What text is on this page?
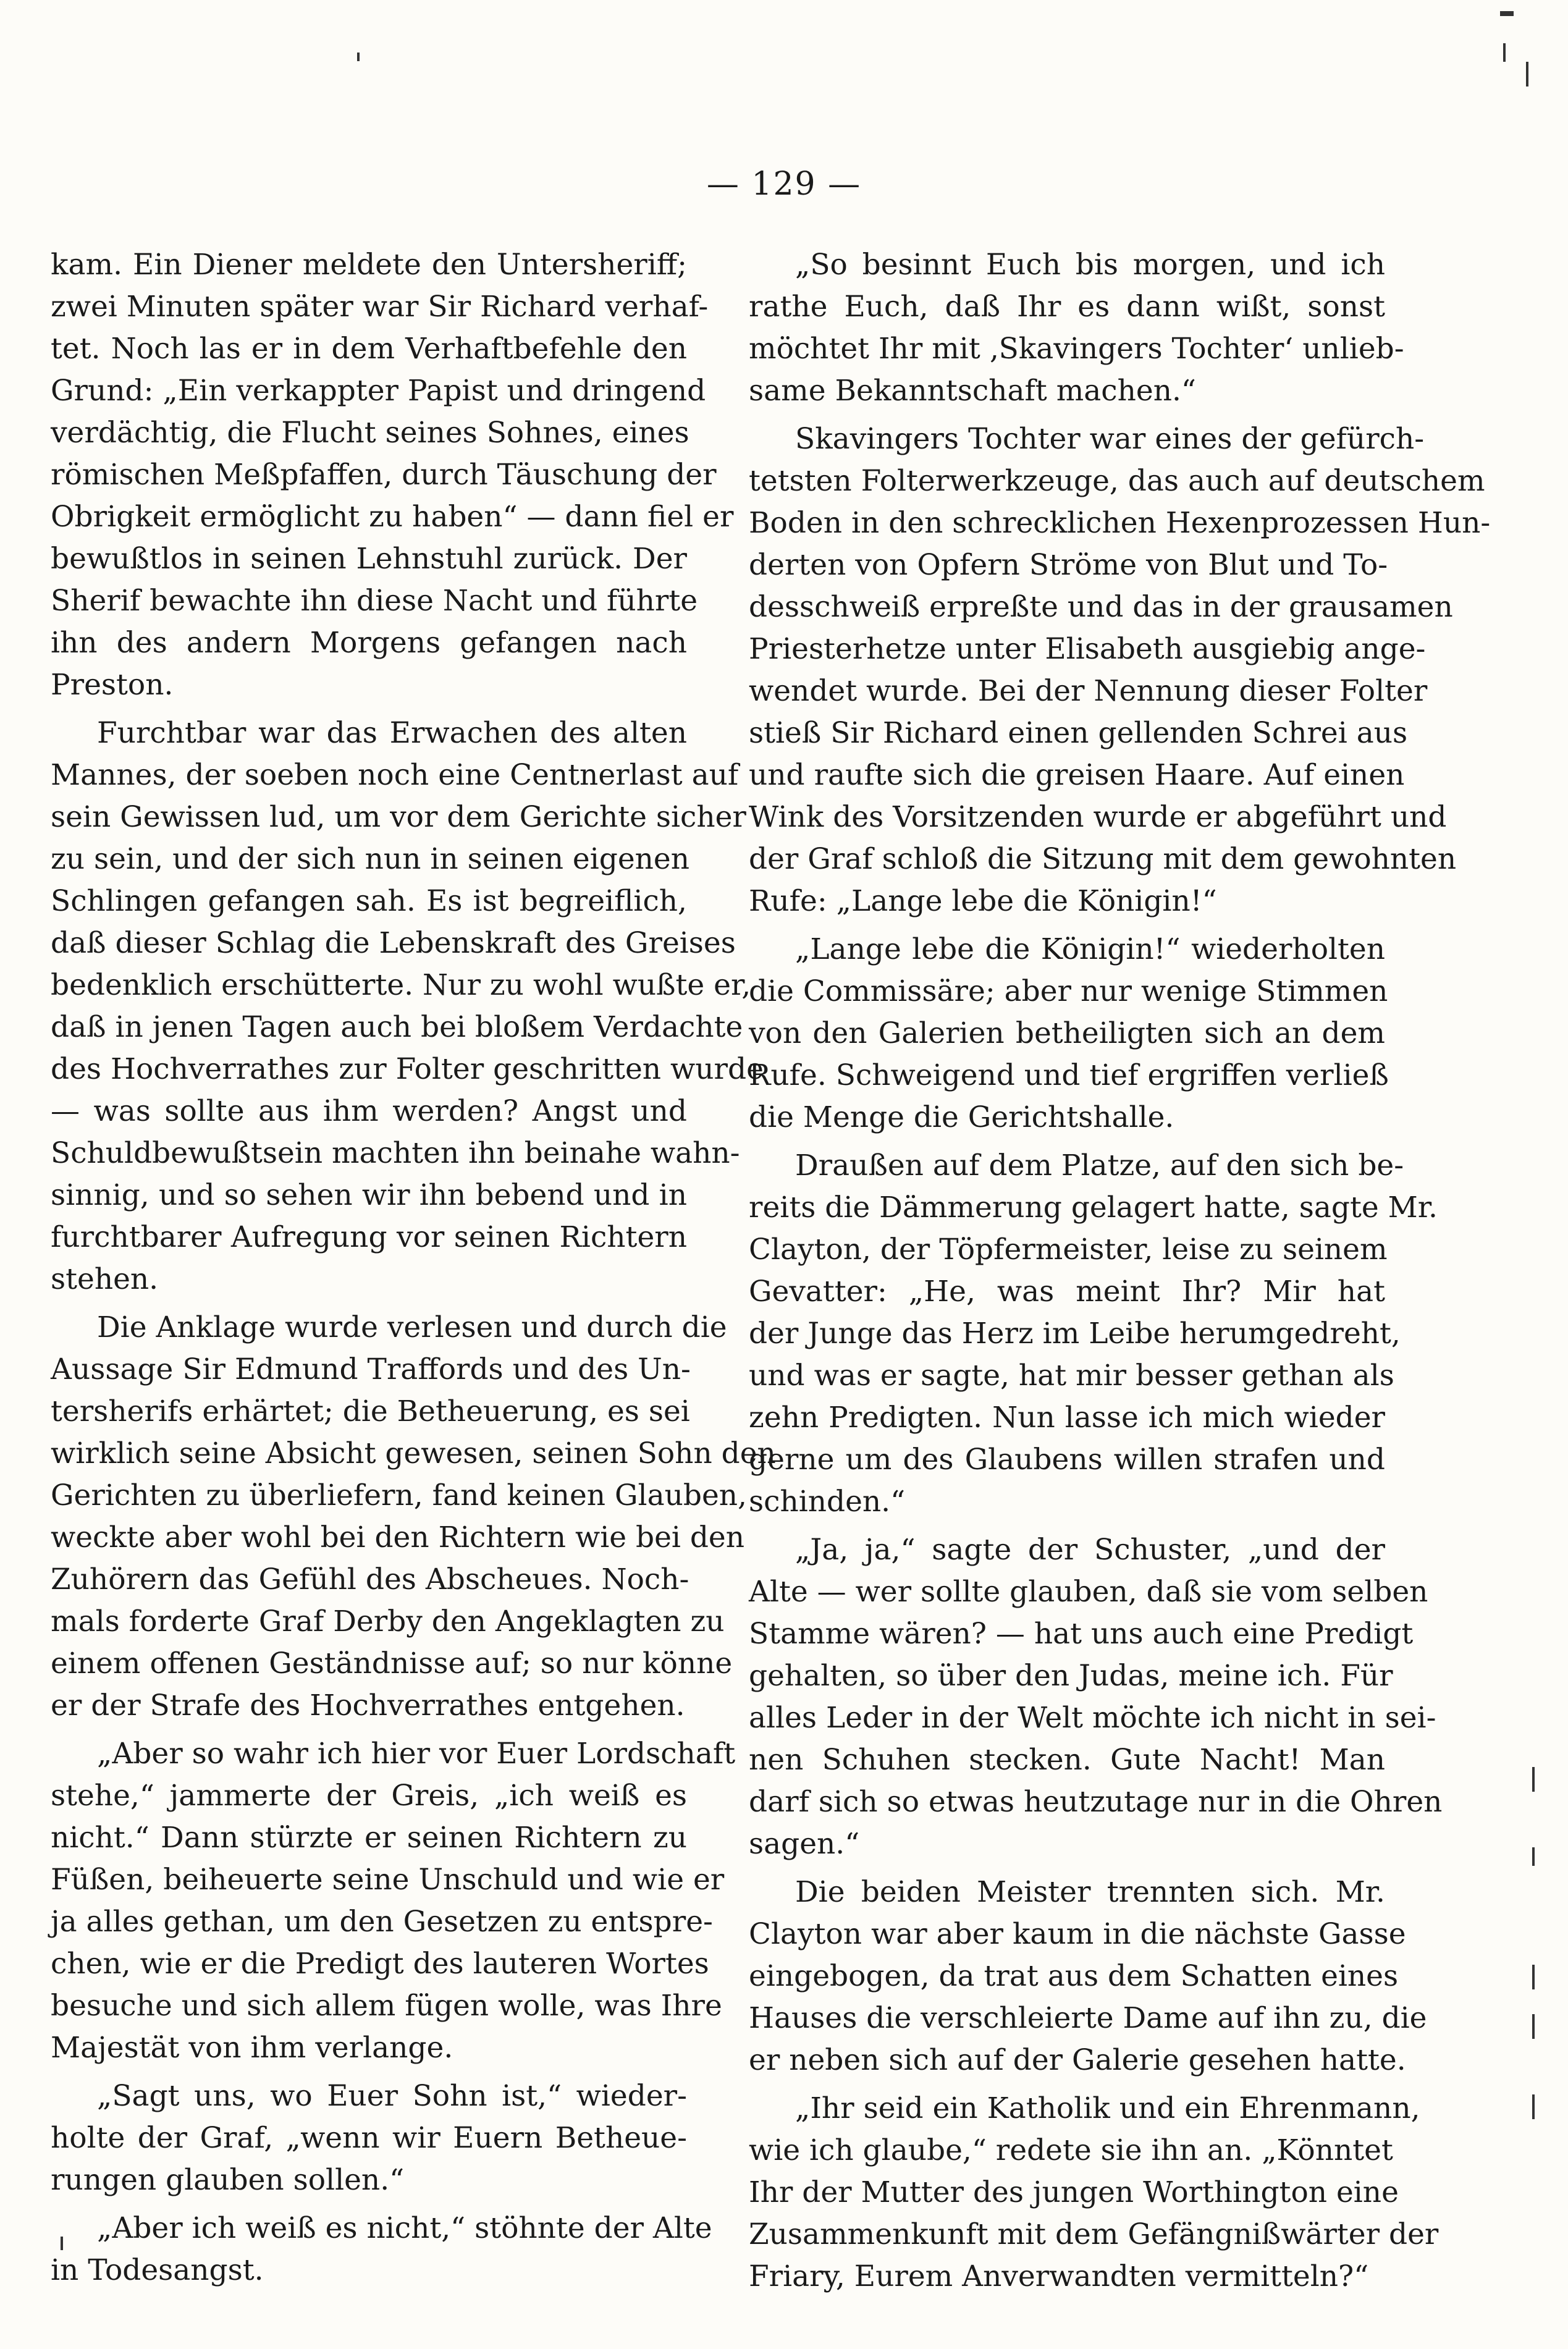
— 129 —
kam. Ein Diener meldete den Untersheriff;
zwei Minuten später war Sir Richard verhaf-
tet. Noch las er in dem Verhaftbefehle den
Grund: „Ein verkappter Papist und dringend
verdächtig, die Flucht seines Sohnes, eines
römischen Meßpfaffen, durch Täuschung der
Obrigkeit ermöglicht zu haben“ — dann fiel er
bewußtlos in seinen Lehnstuhl zurück. Der
Sherif bewachte ihn diese Nacht und führte
ihn des andern Morgens gefangen nach
Preston.
Furchtbar war das Erwachen des alten
Mannes, der soeben noch eine Centnerlast auf
sein Gewissen lud, um vor dem Gerichte sicher
zu sein, und der sich nun in seinen eigenen
Schlingen gefangen sah. Es ist begreiflich,
daß dieser Schlag die Lebenskraft des Greises
bedenklich erschütterte. Nur zu wohl wußte er,
daß in jenen Tagen auch bei bloßem Verdachte
des Hochverrathes zur Folter geschritten wurde
— was sollte aus ihm werden? Angst und
Schuldbewußtsein machten ihn beinahe wahn-
sinnig, und so sehen wir ihn bebend und in
furchtbarer Aufregung vor seinen Richtern
stehen.
Die Anklage wurde verlesen und durch die
Aussage Sir Edmund Traffords und des Un-
tersherifs erhärtet; die Betheuerung, es sei
wirklich seine Absicht gewesen, seinen Sohn den
Gerichten zu überliefern, fand keinen Glauben,
weckte aber wohl bei den Richtern wie bei den
Zuhörern das Gefühl des Abscheues. Noch-
mals forderte Graf Derby den Angeklagten zu
einem offenen Geständnisse auf; so nur könne
er der Strafe des Hochverrathes entgehen.
„Aber so wahr ich hier vor Euer Lordschaft
stehe,“ jammerte der Greis, „ich weiß es
nicht.“ Dann stürzte er seinen Richtern zu
Füßen, beiheuerte seine Unschuld und wie er
ja alles gethan, um den Gesetzen zu entspre-
chen, wie er die Predigt des lauteren Wortes
besuche und sich allem fügen wolle, was Ihre
Majestät von ihm verlange.
„Sagt uns, wo Euer Sohn ist,“ wieder-
holte der Graf, „wenn wir Euern Betheue-
rungen glauben sollen.“
„Aber ich weiß es nicht,“ stöhnte der Alte
in Todesangst.
„So besinnt Euch bis morgen, und ich
rathe Euch, daß Ihr es dann wißt, sonst
möchtet Ihr mit ‚Skavingers Tochter‘ unlieb-
same Bekanntschaft machen.“
Skavingers Tochter war eines der gefürch-
tetsten Folterwerkzeuge, das auch auf deutschem
Boden in den schrecklichen Hexenprozessen Hun-
derten von Opfern Ströme von Blut und To-
desschweiß erpreßte und das in der grausamen
Priesterhetze unter Elisabeth ausgiebig ange-
wendet wurde. Bei der Nennung dieser Folter
stieß Sir Richard einen gellenden Schrei aus
und raufte sich die greisen Haare. Auf einen
Wink des Vorsitzenden wurde er abgeführt und
der Graf schloß die Sitzung mit dem gewohnten
Rufe: „Lange lebe die Königin!“
„Lange lebe die Königin!“ wiederholten
die Commissäre; aber nur wenige Stimmen
von den Galerien betheiligten sich an dem
Rufe. Schweigend und tief ergriffen verließ
die Menge die Gerichtshalle.
Draußen auf dem Platze, auf den sich be-
reits die Dämmerung gelagert hatte, sagte Mr.
Clayton, der Töpfermeister, leise zu seinem
Gevatter: „He, was meint Ihr? Mir hat
der Junge das Herz im Leibe herumgedreht,
und was er sagte, hat mir besser gethan als
zehn Predigten. Nun lasse ich mich wieder
gerne um des Glaubens willen strafen und
schinden.“
„Ja, ja,“ sagte der Schuster, „und der
Alte — wer sollte glauben, daß sie vom selben
Stamme wären? — hat uns auch eine Predigt
gehalten, so über den Judas, meine ich. Für
alles Leder in der Welt möchte ich nicht in sei-
nen Schuhen stecken. Gute Nacht! Man
darf sich so etwas heutzutage nur in die Ohren
sagen.“
Die beiden Meister trennten sich. Mr.
Clayton war aber kaum in die nächste Gasse
eingebogen, da trat aus dem Schatten eines
Hauses die verschleierte Dame auf ihn zu, die
er neben sich auf der Galerie gesehen hatte.
„Ihr seid ein Katholik und ein Ehrenmann,
wie ich glaube,“ redete sie ihn an. „Könntet
Ihr der Mutter des jungen Worthington eine
Zusammenkunft mit dem Gefängnißwärter der
Friary, Eurem Anverwandten vermitteln?“
